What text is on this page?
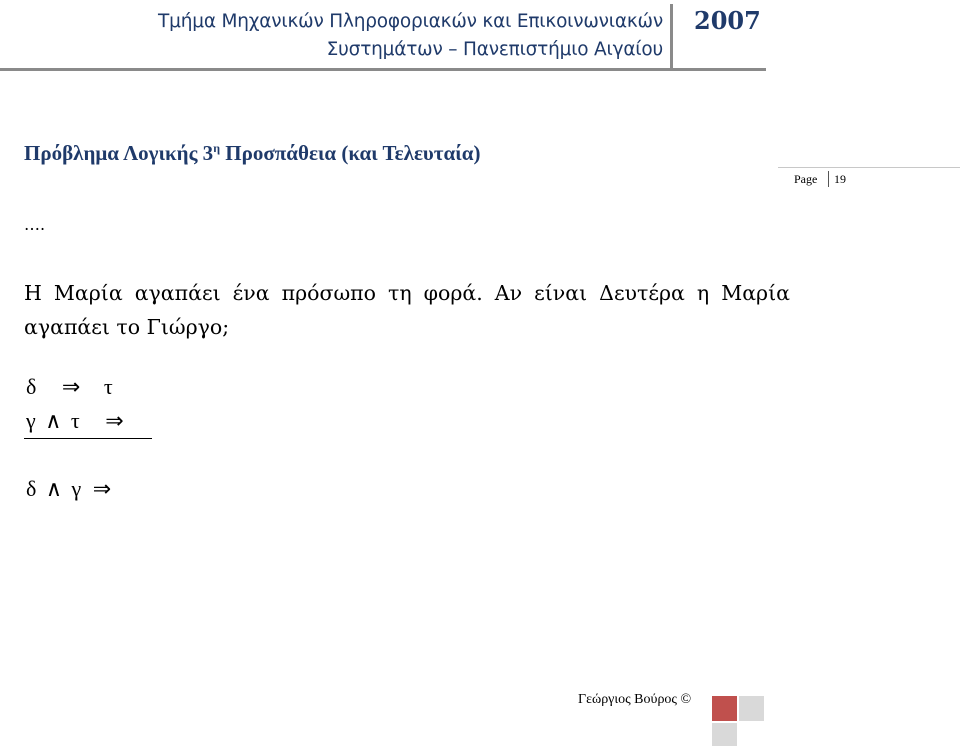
Τμήμα Μηχανικών Πληροφοριακών και Επικοινωνιακών
Συστημάτων – Πανεπιστήμιο Αιγαίου
2007
Πρόβλημα Λογικής $3^\eta$ Προσπάθεια (και Τελευταία)
Page 19
….
Η Μαρία αγαπάει ένα πρόσωπο τη φορά. Αν είναι Δευτέρα η Μαρία αγαπάει το Γιώργο;
δ ⇒ τ
γ ∧ τ ⇒
δ ∧ γ ⇒
Γεώργιος Βούρος ©
